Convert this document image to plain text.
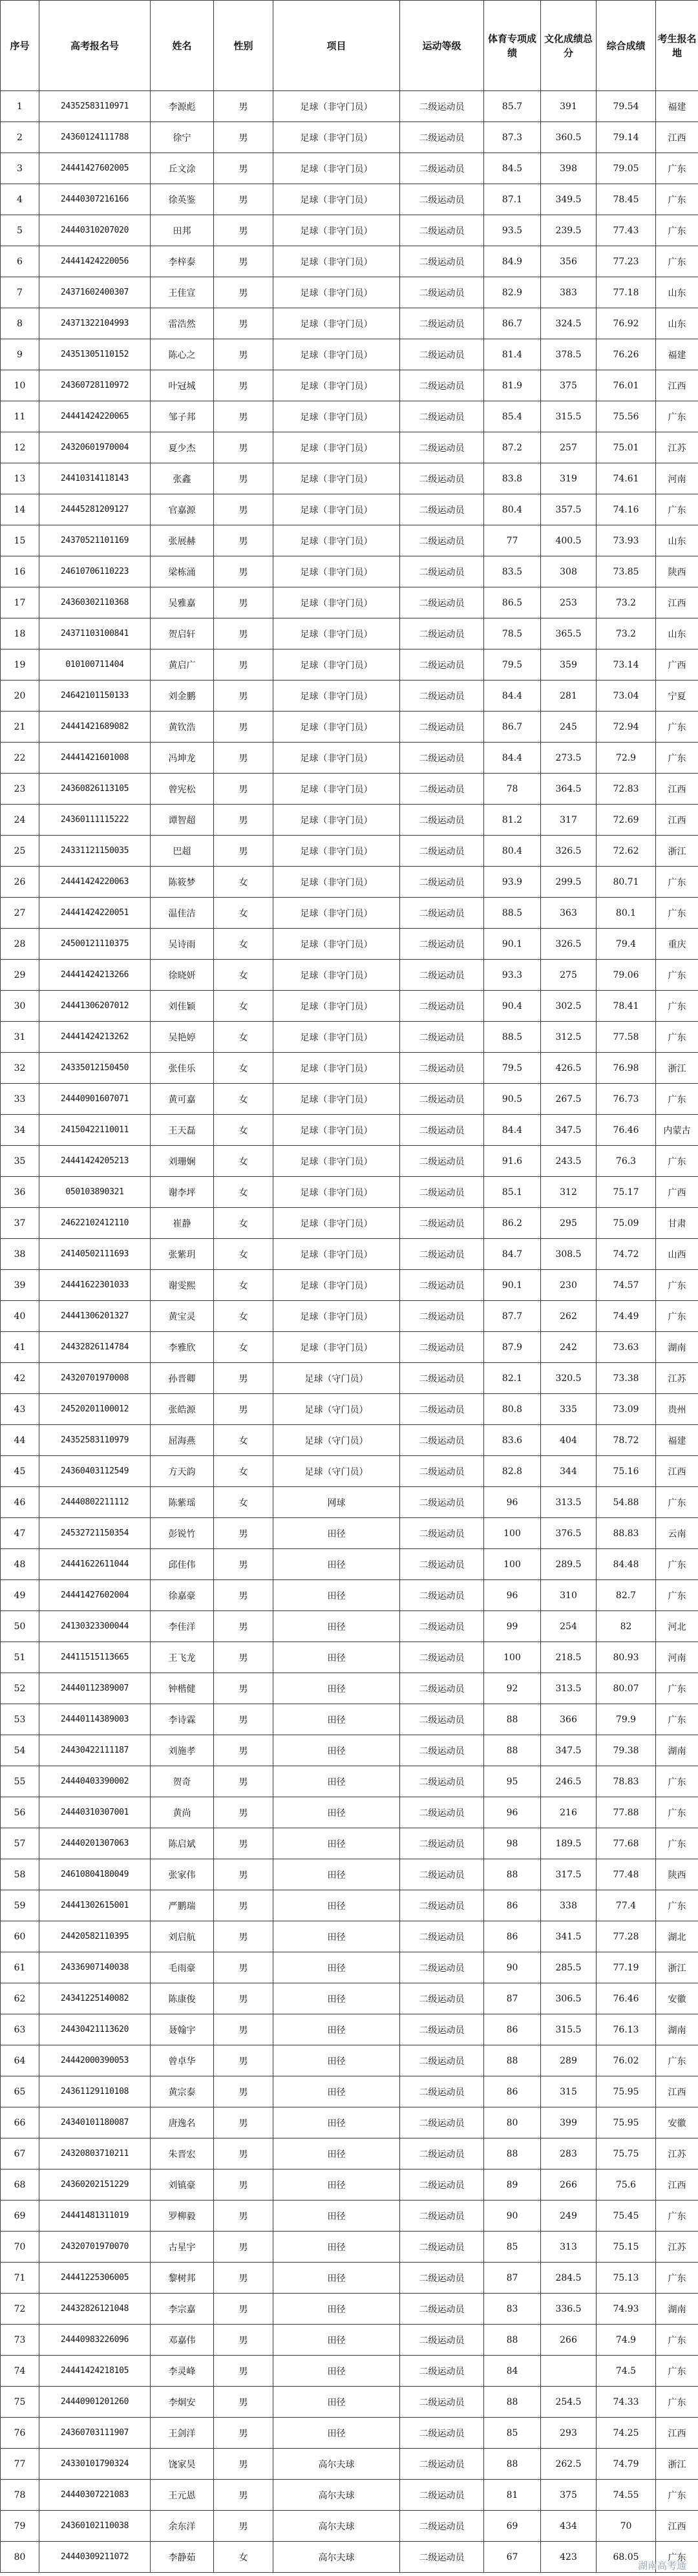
序号	高考报名号	姓名	性别	项目	运动等级	体育专项成绩	文化成绩总分	综合成绩	考生报名地
1	24352583110971	李源彪	男	足球（非守门员）	二级运动员	85.7	391	79.54	福建
2	24360124111788	徐宁	男	足球（非守门员）	二级运动员	87.3	360.5	79.14	江西
3	24441427602005	丘文涂	男	足球（非守门员）	二级运动员	84.5	398	79.05	广东
4	24440307216166	徐英鉴	男	足球（非守门员）	二级运动员	87.1	349.5	78.45	广东
5	24440310207020	田邦	男	足球（非守门员）	二级运动员	93.5	239.5	77.43	广东
6	24441424220056	李梓泰	男	足球（非守门员）	二级运动员	84.9	356	77.23	广东
7	24371602400307	王佳宣	男	足球（非守门员）	二级运动员	82.9	383	77.18	山东
8	24371322104993	雷浩然	男	足球（非守门员）	二级运动员	86.7	324.5	76.92	山东
9	24351305110152	陈心之	男	足球（非守门员）	二级运动员	81.4	378.5	76.26	福建
10	24360728110972	叶冠城	男	足球（非守门员）	二级运动员	81.9	375	76.01	江西
11	24441424220065	邹子邦	男	足球（非守门员）	二级运动员	85.4	315.5	75.56	广东
12	24320601970004	夏少杰	男	足球（非守门员）	二级运动员	87.2	257	75.01	江苏
13	24410314118143	张鑫	男	足球（非守门员）	二级运动员	83.8	319	74.61	河南
14	24445281209127	官嘉源	男	足球（非守门员）	二级运动员	80.4	357.5	74.16	广东
15	24370521101169	张展赫	男	足球（非守门员）	二级运动员	77	400.5	73.93	山东
16	24610706110223	梁栋涌	男	足球（非守门员）	二级运动员	83.5	308	73.85	陕西
17	24360302110368	吴雅嘉	男	足球（非守门员）	二级运动员	86.5	253	73.2	江西
18	24371103100841	贺启轩	男	足球（非守门员）	二级运动员	78.5	365.5	73.2	山东
19	010100711404	黄启广	男	足球（非守门员）	二级运动员	79.5	359	73.14	广西
20	24642101150133	刘金鹏	男	足球（非守门员）	二级运动员	84.4	281	73.04	宁夏
21	24441421689082	黄钦浩	男	足球（非守门员）	二级运动员	86.7	245	72.94	广东
22	24441421601008	冯坤龙	男	足球（非守门员）	二级运动员	84.4	273.5	72.9	广东
23	24360826113105	曾宪松	男	足球（非守门员）	二级运动员	78	364.5	72.83	江西
24	24360111115222	谭智超	男	足球（非守门员）	二级运动员	81.2	317	72.69	江西
25	24331121150035	巴超	男	足球（非守门员）	二级运动员	80.4	326.5	72.62	浙江
26	24441424220063	陈筱梦	女	足球（非守门员）	二级运动员	93.9	299.5	80.71	广东
27	24441424220051	温佳洁	女	足球（非守门员）	二级运动员	88.5	363	80.1	广东
28	24500121110375	吴诗雨	女	足球（非守门员）	二级运动员	90.1	326.5	79.4	重庆
29	24441424213266	徐晓妍	女	足球（非守门员）	二级运动员	93.3	275	79.06	广东
30	24441306207012	刘佳颖	女	足球（非守门员）	二级运动员	90.4	302.5	78.41	广东
31	24441424213262	吴艳婷	女	足球（非守门员）	二级运动员	88.5	312.5	77.58	广东
32	24335012150450	张佳乐	女	足球（非守门员）	二级运动员	79.5	426.5	76.98	浙江
33	24440901607071	黄可嘉	女	足球（非守门员）	二级运动员	90.5	267.5	76.73	广东
34	24150422110011	王天磊	女	足球（非守门员）	二级运动员	84.4	347.5	76.46	内蒙古
35	24441424205213	刘珊娴	女	足球（非守门员）	二级运动员	91.6	243.5	76.3	广东
36	050103890321	谢李坪	女	足球（非守门员）	二级运动员	85.1	312	75.17	广西
37	24622102412110	崔静	女	足球（非守门员）	二级运动员	86.2	295	75.09	甘肃
38	24140502111693	张紫玥	女	足球（非守门员）	二级运动员	84.7	308.5	74.72	山西
39	24441622301033	谢雯熙	女	足球（非守门员）	二级运动员	90.1	230	74.57	广东
40	24441306201327	黄宝灵	女	足球（非守门员）	二级运动员	87.7	262	74.49	广东
41	24432826114784	李雅欣	女	足球（非守门员）	二级运动员	87.9	242	73.63	湖南
42	24320701970008	孙晋卿	男	足球（守门员）	二级运动员	82.1	320.5	73.38	江苏
43	24520201100012	张皓源	男	足球（守门员）	二级运动员	80.8	335	73.09	贵州
44	24352583110979	屈海燕	女	足球（守门员）	二级运动员	83.6	404	78.72	福建
45	24360403112549	方天韵	女	足球（守门员）	二级运动员	82.8	344	75.16	江西
46	24440802211112	陈紫瑶	女	网球	二级运动员	96	313.5	54.88	广东
47	24532721150354	彭锐竹	男	田径	二级运动员	100	376.5	88.83	云南
48	24441622611044	邱佳伟	男	田径	二级运动员	100	289.5	84.48	广东
49	24441427602004	徐嘉豪	男	田径	二级运动员	96	310	82.7	广东
50	24130323300044	李佳洋	男	田径	二级运动员	99	254	82	河北
51	24411515113665	王飞龙	男	田径	二级运动员	100	218.5	80.93	河南
52	24440112389007	钟楷健	男	田径	二级运动员	92	313.5	80.07	广东
53	24440114389003	李诗霖	男	田径	二级运动员	88	366	79.9	广东
54	24430422111187	刘施孝	男	田径	二级运动员	88	347.5	79.38	湖南
55	24440403390002	贺奇	男	田径	二级运动员	95	246.5	78.83	广东
56	24440310307001	黄尚	男	田径	二级运动员	96	216	77.88	广东
57	24440201307063	陈启斌	男	田径	二级运动员	98	189.5	77.68	广东
58	24610804180049	张家伟	男	田径	二级运动员	88	317.5	77.48	陕西
59	24441302615001	严鹏瑞	男	田径	二级运动员	86	338	77.4	广东
60	24420582110395	刘启航	男	田径	二级运动员	86	341.5	77.28	湖北
61	24336907140038	毛雨豪	男	田径	二级运动员	90	285.5	77.19	浙江
62	24341225140082	陈康俊	男	田径	二级运动员	87	306.5	76.46	安徽
63	24430421113620	聂翰宇	男	田径	二级运动员	86	315.5	76.13	湖南
64	24442000390053	曾卓华	男	田径	二级运动员	88	289	76.02	广东
65	24361129110108	黄宗泰	男	田径	二级运动员	86	315	75.95	江西
66	24340101180087	唐逸名	男	田径	二级运动员	80	399	75.95	安徽
67	24320803710211	朱晋宏	男	田径	二级运动员	88	283	75.75	江苏
68	24360202151229	刘镇豪	男	田径	二级运动员	89	266	75.6	江西
69	24441481311019	罗柳毅	男	田径	二级运动员	90	249	75.45	广东
70	24320701970070	古星宇	男	田径	二级运动员	85	313	75.15	江苏
71	24441225306005	黎树邦	男	田径	二级运动员	87	284.5	75.13	广东
72	24432826121048	李宗嘉	男	田径	二级运动员	83	336.5	74.93	湖南
73	24440983226096	邓嘉伟	男	田径	二级运动员	88	266	74.9	广东
74	24441424218105	李灵峰	男	田径	二级运动员	84		74.5	广东
75	24440901201260	李炯安	男	田径	二级运动员	88	254.5	74.33	广东
76	24360703111907	王剑洋	男	田径	二级运动员	85	293	74.25	江西
77	24330101790324	饶家昊	男	高尔夫球	二级运动员	88	262.5	74.79	浙江
78	24440307221083	王元恩	男	高尔夫球	二级运动员	81	375	74.55	广东
79	24360102110038	余东洋	男	高尔夫球	二级运动员	69	434	70	江西
80	24440309211072	李静茹	女	高尔夫球	二级运动员	67	423	68.05	广东
湖南高考通
